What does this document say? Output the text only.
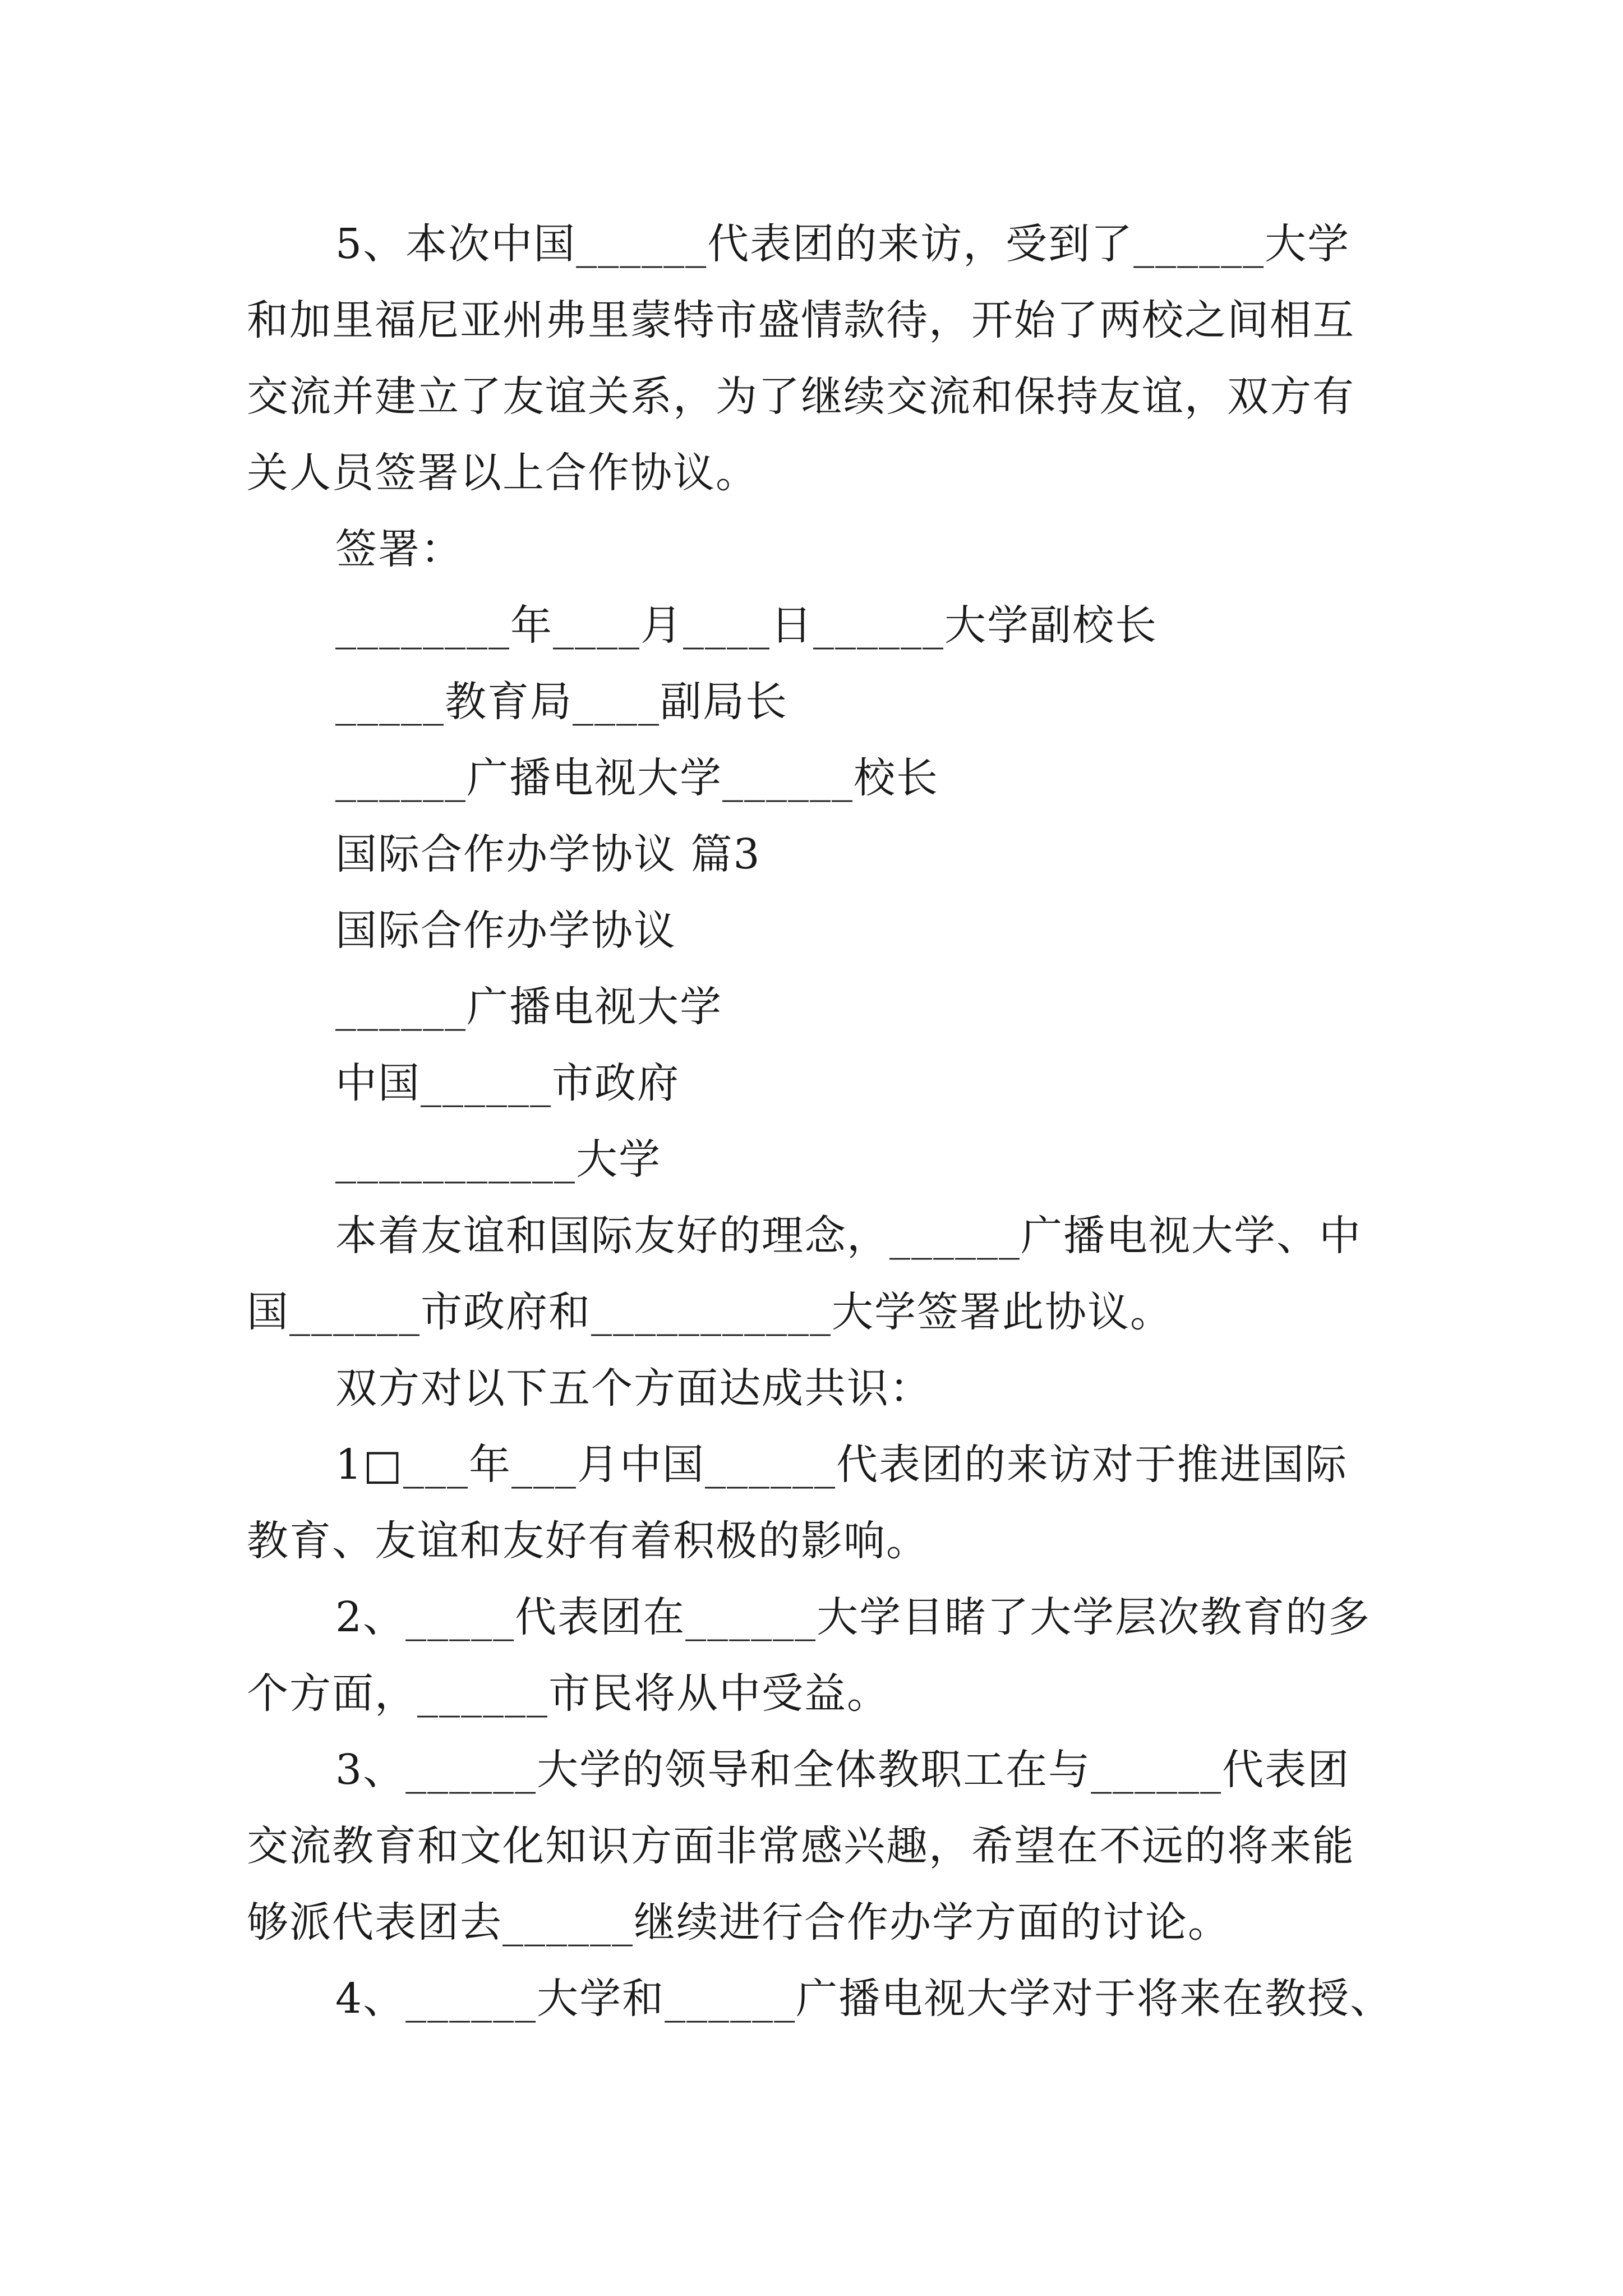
5、本次中国______代表团的来访，受到了______大学
和加里福尼亚州弗里蒙特市盛情款待，开始了两校之间相互
交流并建立了友谊关系，为了继续交流和保持友谊，双方有
关人员签署以上合作协议。
签署：
________年____月____日______大学副校长
_____教育局____副局长
______广播电视大学______校长
国际合作办学协议 篇3
国际合作办学协议
______广播电视大学
中国______市政府
___________大学
本着友谊和国际友好的理念，______广播电视大学、中
国______市政府和___________大学签署此协议。
双方对以下五个方面达成共识：
1□___年___月中国______代表团的来访对于推进国际
教育、友谊和友好有着积极的影响。
2、_____代表团在______大学目睹了大学层次教育的多
个方面，______市民将从中受益。
3、______大学的领导和全体教职工在与______代表团
交流教育和文化知识方面非常感兴趣，希望在不远的将来能
够派代表团去______继续进行合作办学方面的讨论。
4、______大学和______广播电视大学对于将来在教授、
